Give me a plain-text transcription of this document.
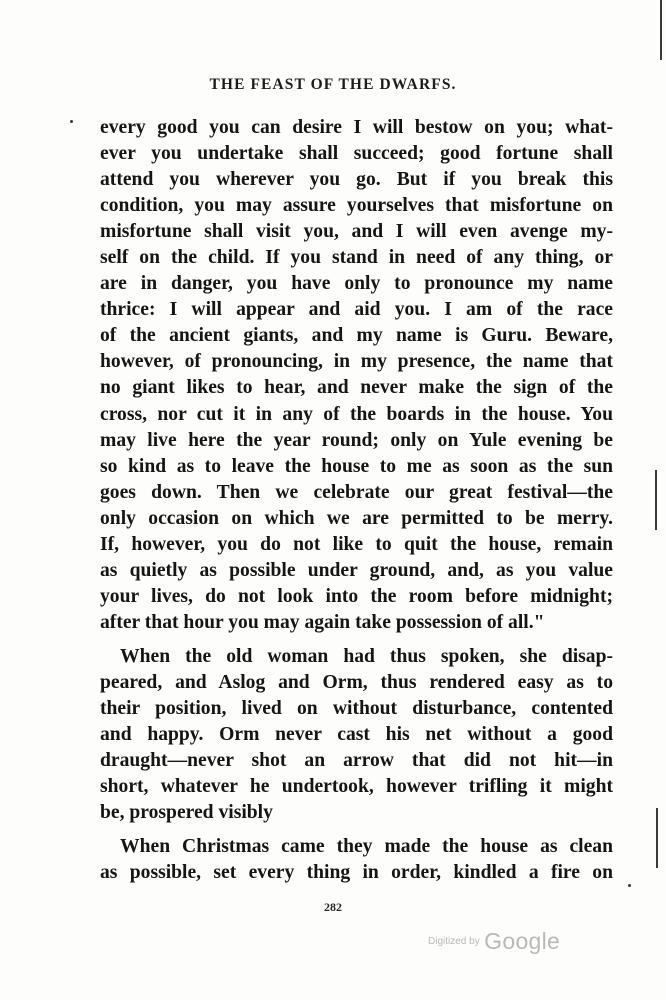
THE FEAST OF THE DWARFS.
every good you can desire I will bestow on you; what-
ever you undertake shall succeed; good fortune shall
attend you wherever you go. But if you break this
condition, you may assure yourselves that misfortune on
misfortune shall visit you, and I will even avenge my-
self on the child. If you stand in need of any thing, or
are in danger, you have only to pronounce my name
thrice: I will appear and aid you. I am of the race
of the ancient giants, and my name is Guru. Beware,
however, of pronouncing, in my presence, the name that
no giant likes to hear, and never make the sign of the
cross, nor cut it in any of the boards in the house. You
may live here the year round; only on Yule evening be
so kind as to leave the house to me as soon as the sun
goes down. Then we celebrate our great festival—the
only occasion on which we are permitted to be merry.
If, however, you do not like to quit the house, remain
as quietly as possible under ground, and, as you value
your lives, do not look into the room before midnight;
after that hour you may again take possession of all."
When the old woman had thus spoken, she disap-
peared, and Aslog and Orm, thus rendered easy as to
their position, lived on without disturbance, contented
and happy. Orm never cast his net without a good
draught—never shot an arrow that did not hit—in
short, whatever he undertook, however trifling it might
be, prospered visibly
When Christmas came they made the house as clean
as possible, set every thing in order, kindled a fire on
282
Digitized by Google
